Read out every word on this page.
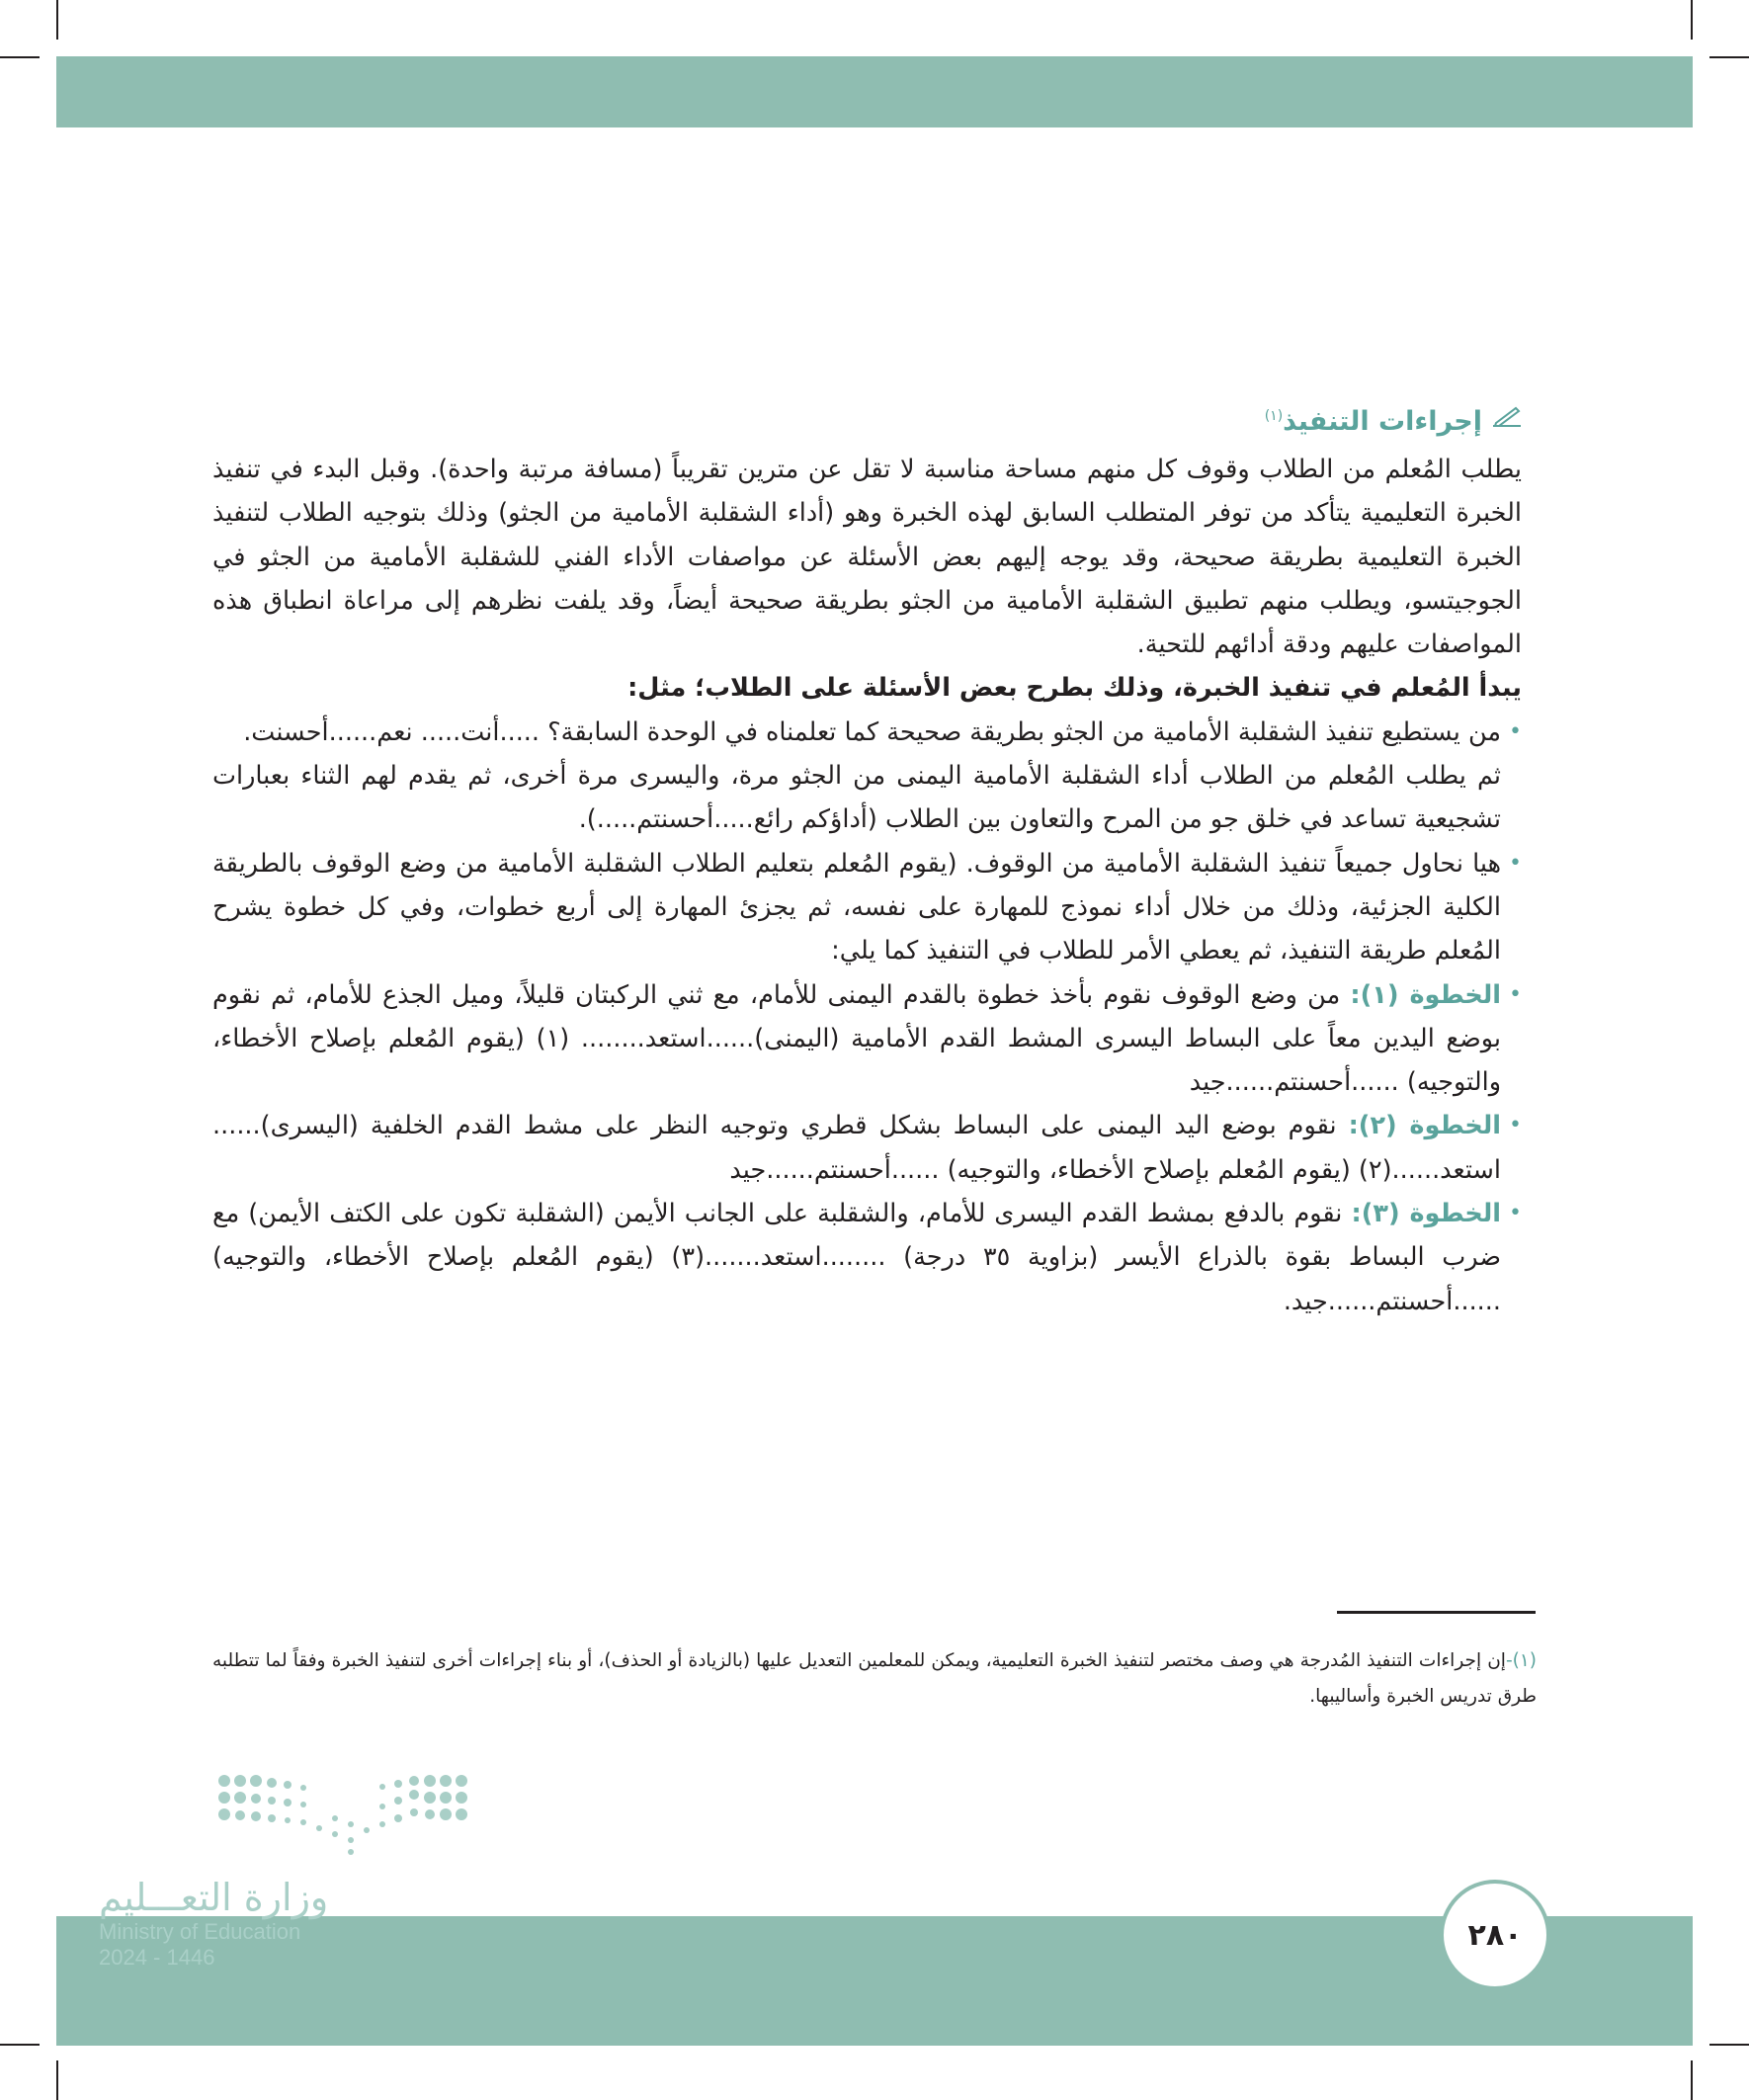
إجراءات التنفيذ$^{(١)}$

يطلب المُعلم من الطلاب وقوف كل منهم مساحة مناسبة لا تقل عن مترين تقريباً (مسافة مرتبة واحدة). وقبل البدء في تنفيذ الخبرة التعليمية يتأكد من توفر المتطلب السابق لهذه الخبرة وهو (أداء الشقلبة الأمامية من الجثو) وذلك بتوجيه الطلاب لتنفيذ الخبرة التعليمية بطريقة صحيحة، وقد يوجه إليهم بعض الأسئلة عن مواصفات الأداء الفني للشقلبة الأمامية من الجثو في الجوجيتسو، ويطلب منهم تطبيق الشقلبة الأمامية من الجثو بطريقة صحيحة أيضاً، وقد يلفت نظرهم إلى مراعاة انطباق هذه المواصفات عليهم ودقة أدائهم للتحية.

يبدأ المُعلم في تنفيذ الخبرة، وذلك بطرح بعض الأسئلة على الطلاب؛ مثل:

•

من يستطيع تنفيذ الشقلبة الأمامية من الجثو بطريقة صحيحة كما تعلمناه في الوحدة السابقة؟ .....أنت..... نعم......أحسنت.

ثم يطلب المُعلم من الطلاب أداء الشقلبة الأمامية اليمنى من الجثو مرة، واليسرى مرة أخرى، ثم يقدم لهم الثناء بعبارات تشجيعية تساعد في خلق جو من المرح والتعاون بين الطلاب (أداؤكم رائع.....أحسنتم.....).

•

هيا نحاول جميعاً تنفيذ الشقلبة الأمامية من الوقوف. (يقوم المُعلم بتعليم الطلاب الشقلبة الأمامية من وضع الوقوف بالطريقة الكلية الجزئية، وذلك من خلال أداء نموذج للمهارة على نفسه، ثم يجزئ المهارة إلى أربع خطوات، وفي كل خطوة يشرح المُعلم طريقة التنفيذ، ثم يعطي الأمر للطلاب في التنفيذ كما يلي:

•

الخطوة (١): من وضع الوقوف نقوم بأخذ خطوة بالقدم اليمنى للأمام، مع ثني الركبتان قليلاً، وميل الجذع للأمام، ثم نقوم بوضع اليدين معاً على البساط اليسرى المشط القدم الأمامية (اليمنى)......استعد........ (١) (يقوم المُعلم بإصلاح الأخطاء، والتوجيه) ......أحسنتم......جيد

•

الخطوة (٢): نقوم بوضع اليد اليمنى على البساط بشكل قطري وتوجيه النظر على مشط القدم الخلفية (اليسرى)...... استعد......(٢) (يقوم المُعلم بإصلاح الأخطاء، والتوجيه) ......أحسنتم......جيد

•

الخطوة (٣): نقوم بالدفع بمشط القدم اليسرى للأمام، والشقلبة على الجانب الأيمن (الشقلبة تكون على الكتف الأيمن) مع ضرب البساط بقوة بالذراع الأيسر (بزاوية ٣٥ درجة) ........استعد.......(٣) (يقوم المُعلم بإصلاح الأخطاء، والتوجيه) ......أحسنتم......جيد.

(١)-إن إجراءات التنفيذ المُدرجة هي وصف مختصر لتنفيذ الخبرة التعليمية، ويمكن للمعلمين التعديل عليها (بالزيادة أو الحذف)، أو بناء إجراءات أخرى لتنفيذ الخبرة وفقاً لما تتطلبه طرق تدريس الخبرة وأساليبها.
وزارة التعـــليم
Ministry of Education
2024 - 1446
٢٨٠
